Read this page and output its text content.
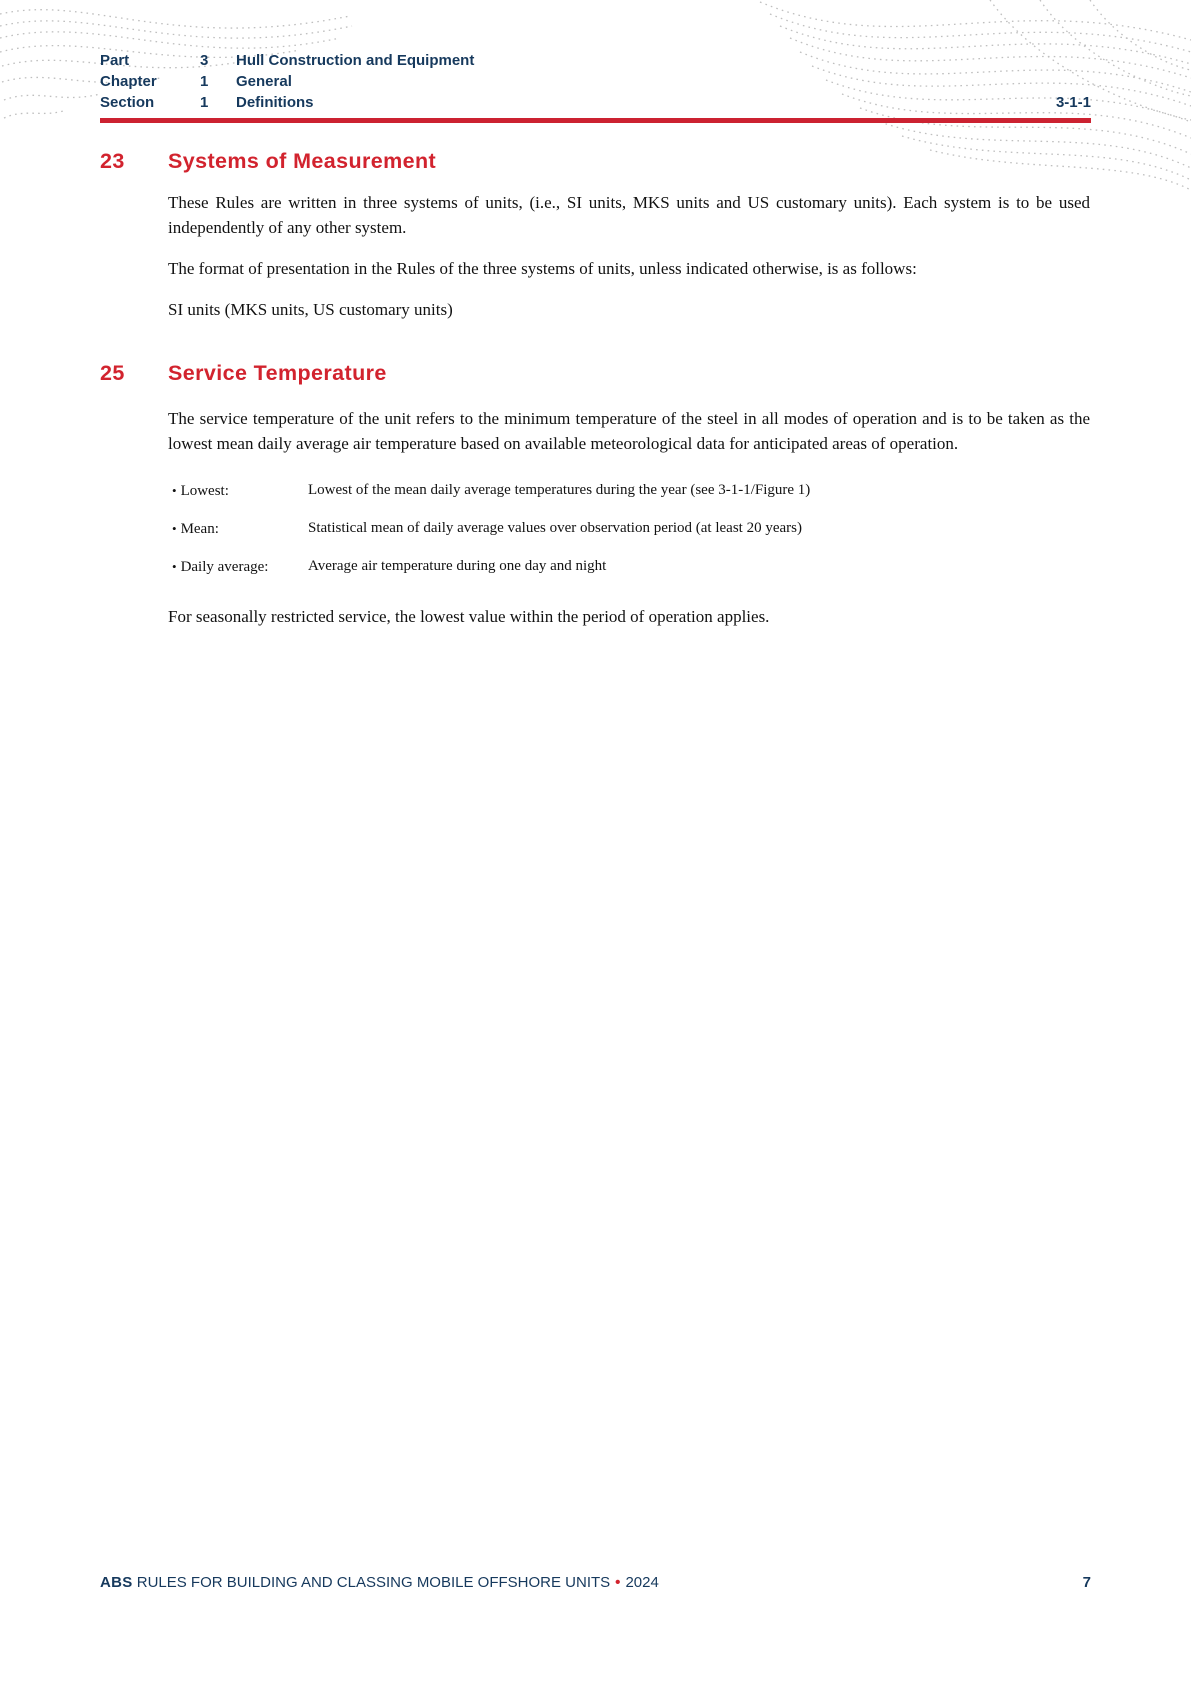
Part	3	Hull Construction and Equipment
Chapter	1	General
Section	1	Definitions	3-1-1
23	Systems of Measurement

These Rules are written in three systems of units, (i.e., SI units, MKS units and US customary units). Each system is to be used independently of any other system.

The format of presentation in the Rules of the three systems of units, unless indicated otherwise, is as follows:

SI units (MKS units, US customary units)

25	Service Temperature

The service temperature of the unit refers to the minimum temperature of the steel in all modes of operation and is to be taken as the lowest mean daily average air temperature based on available meteorological data for anticipated areas of operation.

• Lowest:	Lowest of the mean daily average temperatures during the year (see 3-1-1/Figure 1)
• Mean:	Statistical mean of daily average values over observation period (at least 20 years)
• Daily average:	Average air temperature during one day and night

For seasonally restricted service, the lowest value within the period of operation applies.

ABS RULES FOR BUILDING AND CLASSING MOBILE OFFSHORE UNITS • 2024	7
